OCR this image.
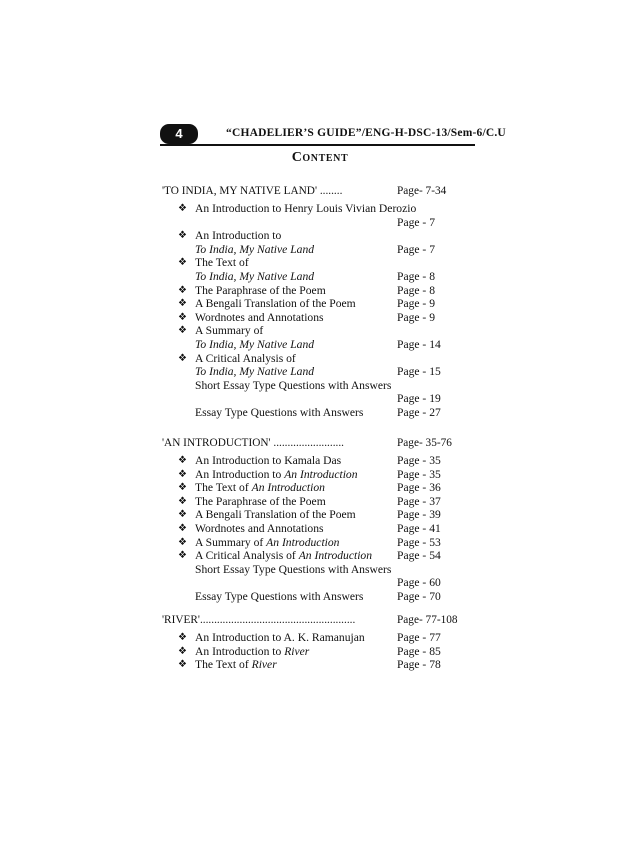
4	“CHADELIER’S GUIDE”/ENG-H-DSC-13/Sem-6/C.U
Content
'TO INDIA, MY NATIVE LAND' ........	Page- 7-34
❖ An Introduction to Henry Louis Vivian Derozio
Page - 7
❖ An Introduction to
To India, My Native Land	Page - 7
❖ The Text of
To India, My Native Land	Page - 8
❖ The Paraphrase of the Poem	Page - 8
❖ A Bengali Translation of the Poem	Page - 9
❖ Wordnotes and Annotations	Page - 9
❖ A Summary of
To India, My Native Land	Page - 14
❖ A Critical Analysis of
To India, My Native Land	Page - 15
Short Essay Type Questions with Answers
Page - 19
Essay Type Questions with Answers	Page - 27
'AN INTRODUCTION' .........................	Page- 35-76
❖ An Introduction to Kamala Das	Page - 35
❖ An Introduction to An Introduction	Page - 35
❖ The Text of An Introduction	Page - 36
❖ The Paraphrase of the Poem	Page - 37
❖ A Bengali Translation of the Poem	Page - 39
❖ Wordnotes and Annotations	Page - 41
❖ A Summary of An Introduction	Page - 53
❖ A Critical Analysis of An Introduction Page - 54
Short Essay Type Questions with Answers
Page - 60
Essay Type Questions with Answers	Page - 70
'RIVER'.......................................................	Page- 77-108
❖ An Introduction to A. K. Ramanujan	Page - 77
❖ An Introduction to River	Page - 85
❖ The Text of River	Page - 78
